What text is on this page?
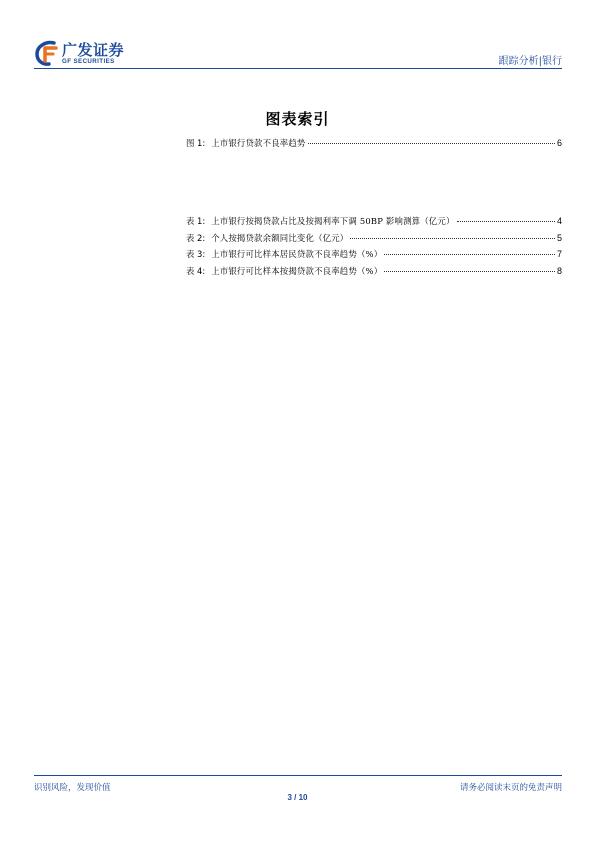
广发证券
GF SECURITIES	跟踪分析|银行
图表索引
图 1: 上市银行贷款不良率趋势	6
表 1: 上市银行按揭贷款占比及按揭利率下调 50BP 影响测算（亿元）	4
表 2: 个人按揭贷款余额同比变化（亿元）	5
表 3: 上市银行可比样本居民贷款不良率趋势（%）	7
表 4: 上市银行可比样本按揭贷款不良率趋势（%）	8
识别风险，发现价值	请务必阅读末页的免责声明
3 / 10
